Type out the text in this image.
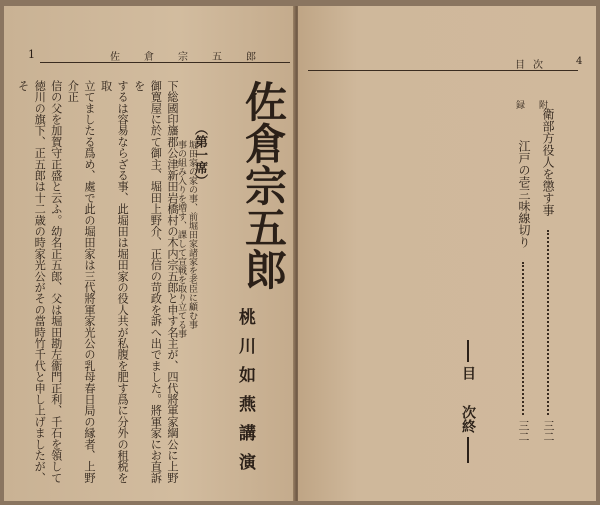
1	佐倉宗五郎
佐倉宗五郎
（第一席）
堀田家の家の事、前堀田家諸家を老臣に顧む事
事の組み入りを増す、課して宣戦を取り立てる事
桃川如燕講演
下総國印旛郡公津新田岩橋村の木内宗五郎と申す名主が、四代將軍家綱公に上野
御寛屋に於て御主、堀田上野介、正信の苛政を訴へ出でました。將軍家にお直訴を
するは容易ならざる事、此堀田は堀田家の役人共が私腹を肥す爲に分外の租税を取
立てましたる爲め、處で此の堀田家は三代將軍家光公の乳母春日局の縁者、上野介正
信の父を加賀守正盛と云ふ。幼名正五郎、父は堀田勘左衞門正利、千石を領して
徳川の旗下、正五郎は十二歳の時家光公がその當時竹千代と申し上げましたが、そ
目次	4
附

録
衛部方役人を懲す事
三二
江戸の壱三味線切り
三二
目
次終
